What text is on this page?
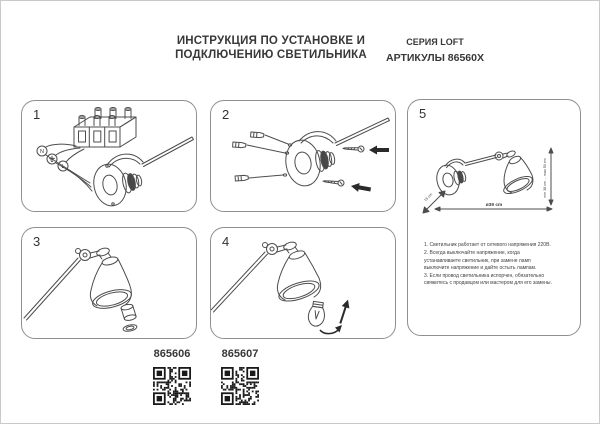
ИНСТРУКЦИЯ ПО УСТАНОВКЕ И
ПОДКЛЮЧЕНИЮ СВЕТИЛЬНИКА
СЕРИЯ LOFT
АРТИКУЛЫ 86560X
1
N
L
2
3	4
5
min 38 cm ... max 50 cm
ø39 cm
15 cm
1. Светильник работает от сетевого напряжения 220В.
2. Всегда выключайте напряжение, когда устанавливаете светильник, при замене ламп выключите напряжение и дайте остыть лампам.
3. Если провод светильника испорчен, обязательно свяжитесь с продавцом или мастером для его замены.
865606	865607
